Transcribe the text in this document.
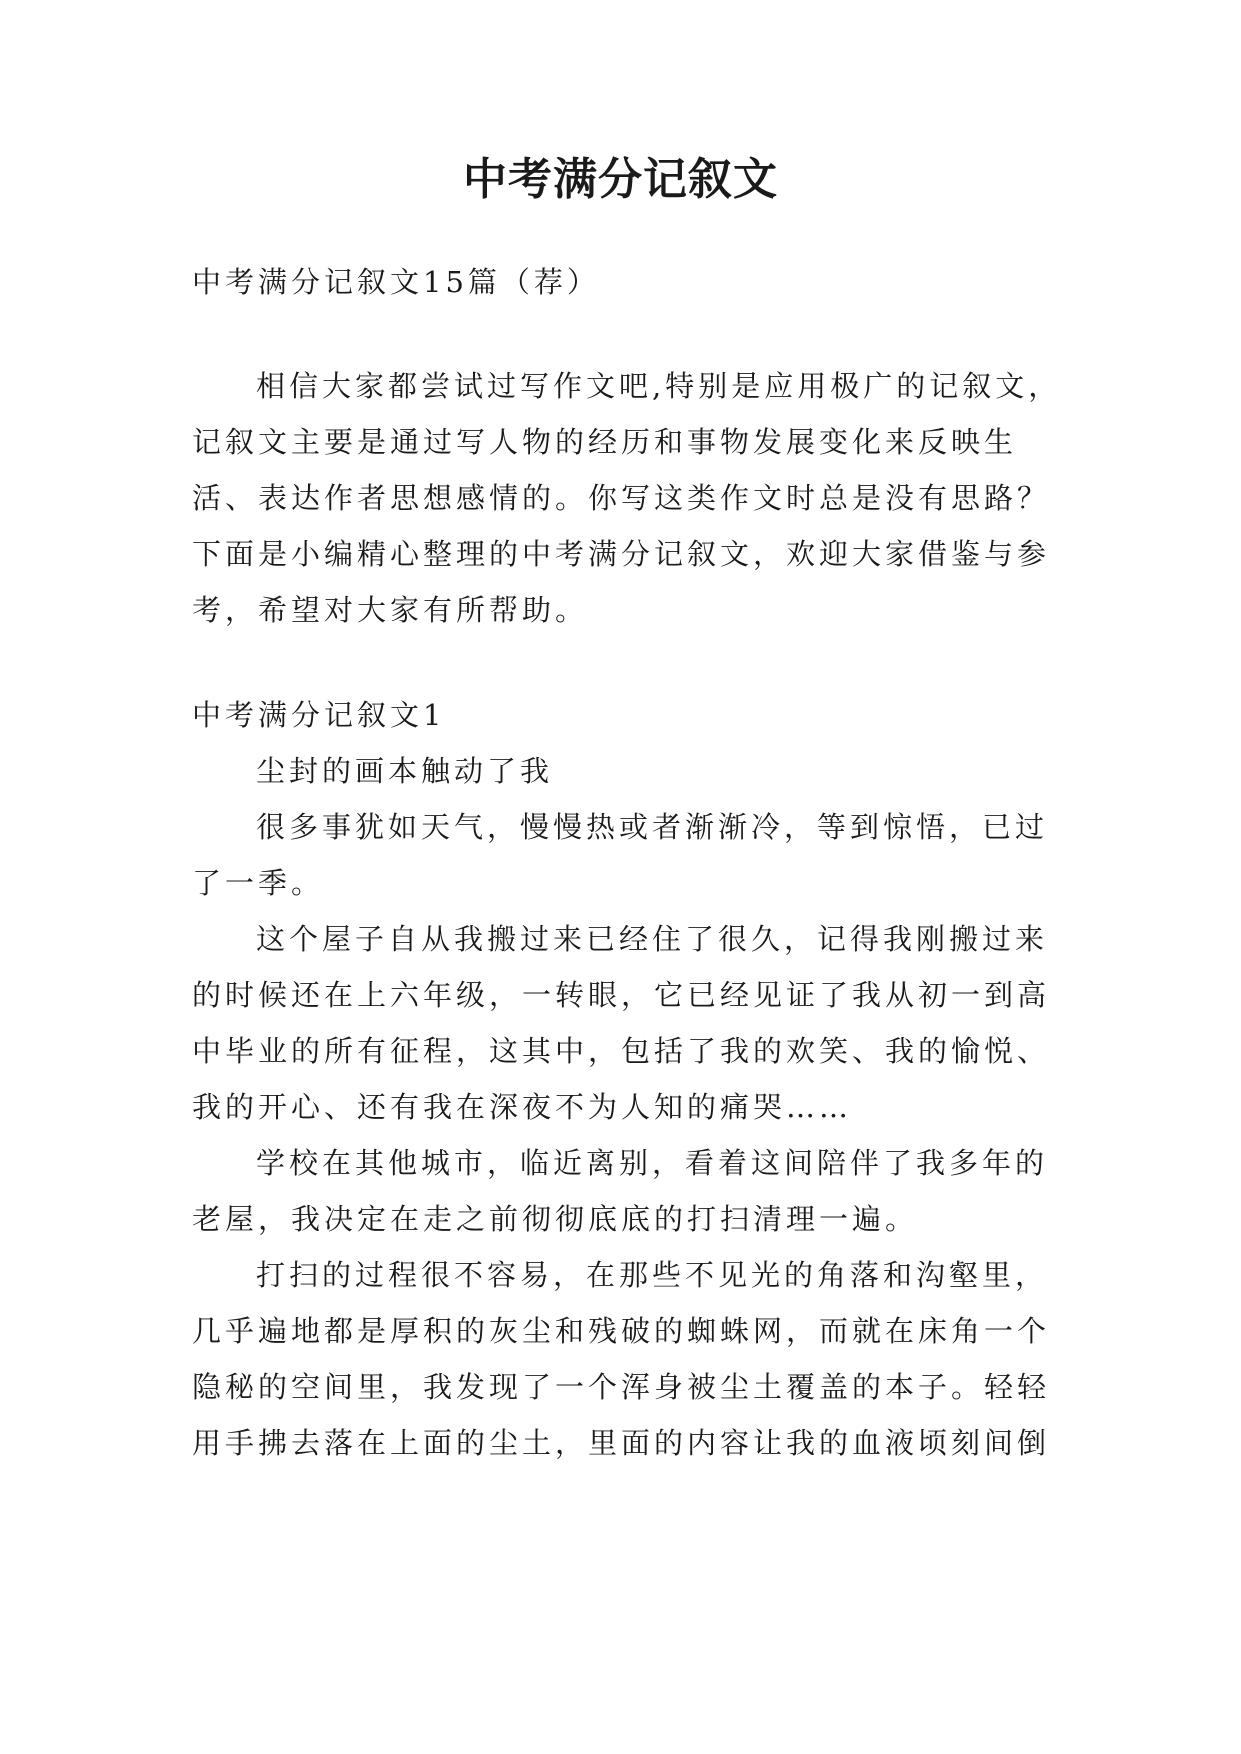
中考满分记叙文

中考满分记叙文15篇（荐）

相信大家都尝试过写作文吧,特别是应用极广的记叙文，

记叙文主要是通过写人物的经历和事物发展变化来反映生

活、表达作者思想感情的。你写这类作文时总是没有思路？

下面是小编精心整理的中考满分记叙文，欢迎大家借鉴与参

考，希望对大家有所帮助。

中考满分记叙文1

尘封的画本触动了我

很多事犹如天气，慢慢热或者渐渐冷，等到惊悟，已过

了一季。

这个屋子自从我搬过来已经住了很久，记得我刚搬过来

的时候还在上六年级，一转眼，它已经见证了我从初一到高

中毕业的所有征程，这其中，包括了我的欢笑、我的愉悦、

我的开心、还有我在深夜不为人知的痛哭……

学校在其他城市，临近离别，看着这间陪伴了我多年的

老屋，我决定在走之前彻彻底底的打扫清理一遍。

打扫的过程很不容易，在那些不见光的角落和沟壑里，

几乎遍地都是厚积的灰尘和残破的蜘蛛网，而就在床角一个

隐秘的空间里，我发现了一个浑身被尘土覆盖的本子。轻轻

用手拂去落在上面的尘土，里面的内容让我的血液顷刻间倒
